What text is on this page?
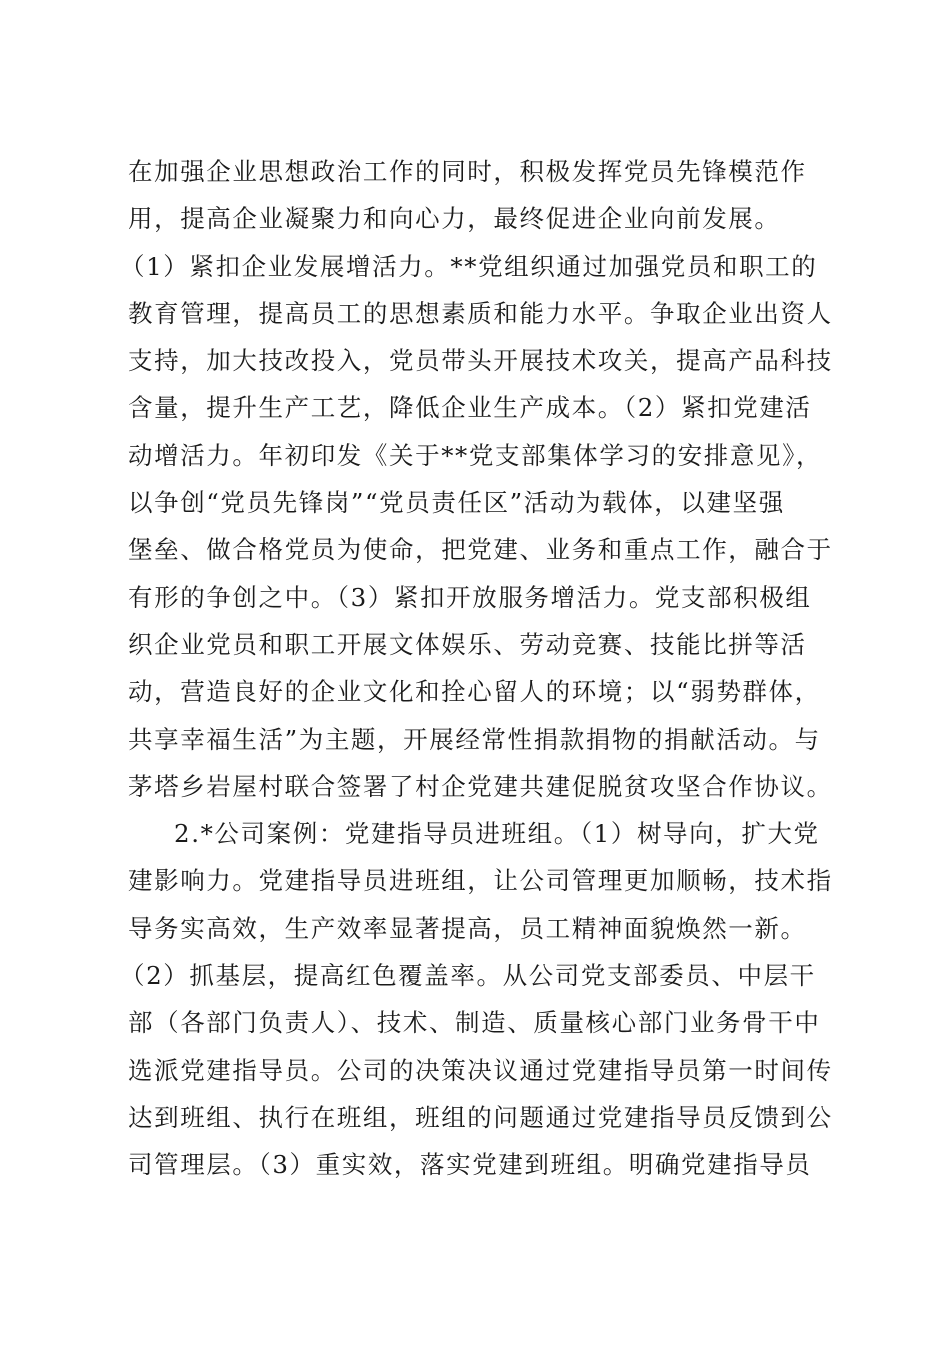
在加强企业思想政治工作的同时，积极发挥党员先锋模范作
用，提高企业凝聚力和向心力，最终促进企业向前发展。
（1）紧扣企业发展增活力。**党组织通过加强党员和职工的
教育管理，提高员工的思想素质和能力水平。争取企业出资人
支持，加大技改投入，党员带头开展技术攻关，提高产品科技
含量，提升生产工艺，降低企业生产成本。（2）紧扣党建活
动增活力。年初印发《关于**党支部集体学习的安排意见》，
以争创“党员先锋岗”“党员责任区”活动为载体，以建坚强
堡垒、做合格党员为使命，把党建、业务和重点工作，融合于
有形的争创之中。（3）紧扣开放服务增活力。党支部积极组
织企业党员和职工开展文体娱乐、劳动竞赛、技能比拼等活
动，营造良好的企业文化和拴心留人的环境；以“弱势群体，
共享幸福生活”为主题，开展经常性捐款捐物的捐献活动。与
茅塔乡岩屋村联合签署了村企党建共建促脱贫攻坚合作协议。
2.*公司案例：党建指导员进班组。（1）树导向，扩大党
建影响力。党建指导员进班组，让公司管理更加顺畅，技术指
导务实高效，生产效率显著提高，员工精神面貌焕然一新。
（2）抓基层，提高红色覆盖率。从公司党支部委员、中层干
部（各部门负责人）、技术、制造、质量核心部门业务骨干中
选派党建指导员。公司的决策决议通过党建指导员第一时间传
达到班组、执行在班组，班组的问题通过党建指导员反馈到公
司管理层。（3）重实效，落实党建到班组。明确党建指导员
